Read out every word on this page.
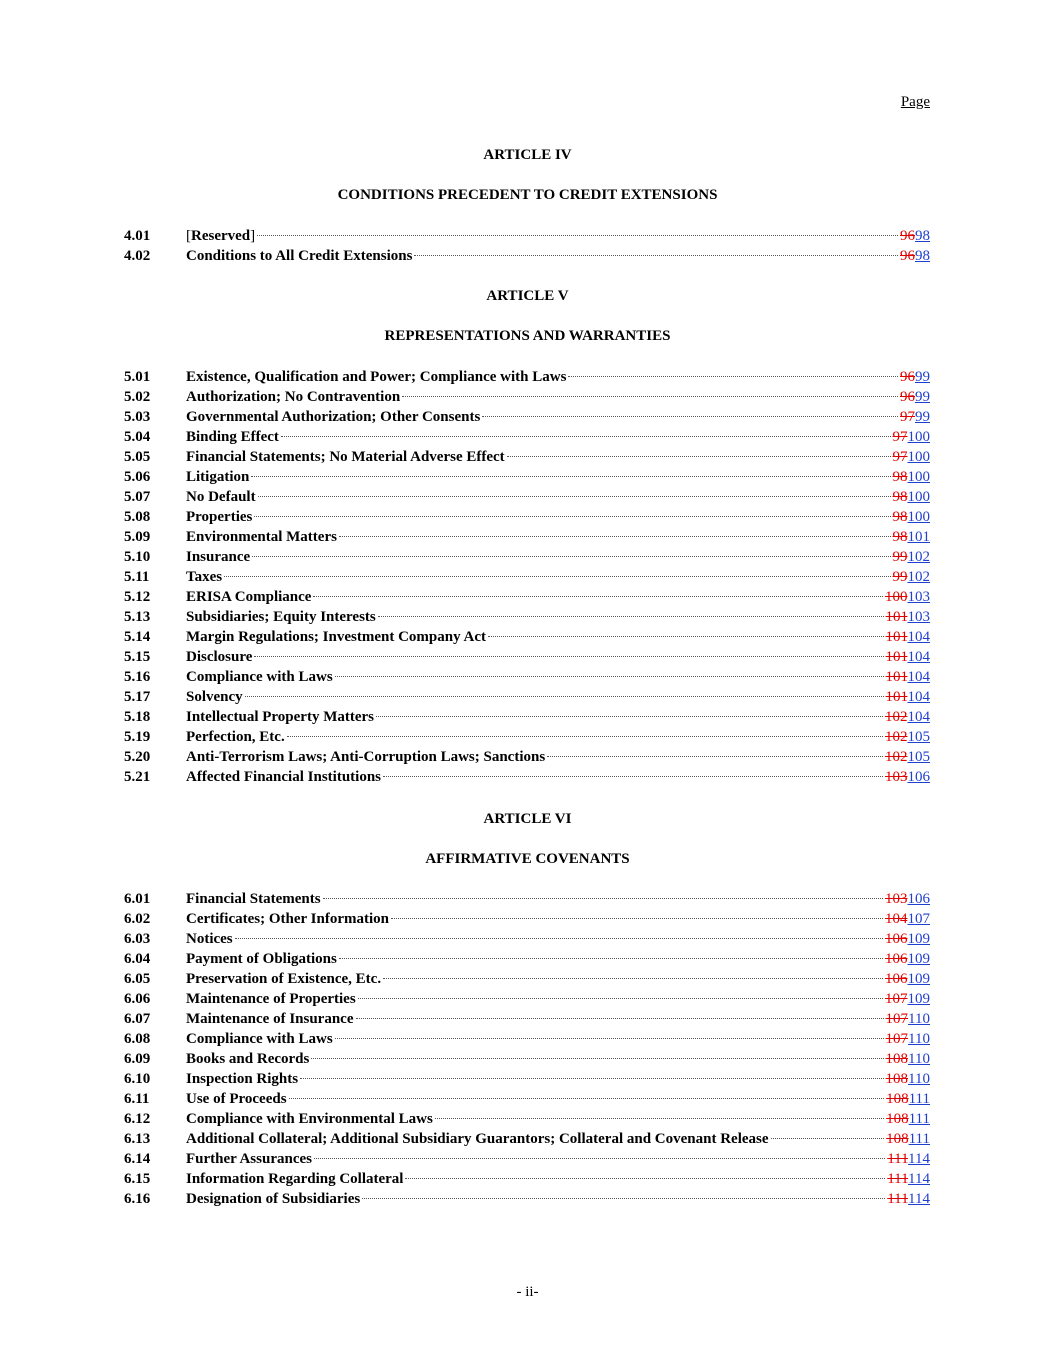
Page
ARTICLE IV
CONDITIONS PRECEDENT TO CREDIT EXTENSIONS
4.01	[Reserved]	9698
4.02	Conditions to All Credit Extensions	9698
ARTICLE V
REPRESENTATIONS AND WARRANTIES
5.01	Existence, Qualification and Power; Compliance with Laws	9699
5.02	Authorization; No Contravention	9699
5.03	Governmental Authorization; Other Consents	9799
5.04	Binding Effect	97100
5.05	Financial Statements; No Material Adverse Effect	97100
5.06	Litigation	98100
5.07	No Default	98100
5.08	Properties	98100
5.09	Environmental Matters	98101
5.10	Insurance	99102
5.11	Taxes	99102
5.12	ERISA Compliance	100103
5.13	Subsidiaries; Equity Interests	101103
5.14	Margin Regulations; Investment Company Act	101104
5.15	Disclosure	101104
5.16	Compliance with Laws	101104
5.17	Solvency	101104
5.18	Intellectual Property Matters	102104
5.19	Perfection, Etc.	102105
5.20	Anti-Terrorism Laws; Anti-Corruption Laws; Sanctions	102105
5.21	Affected Financial Institutions	103106
ARTICLE VI
AFFIRMATIVE COVENANTS
6.01	Financial Statements	103106
6.02	Certificates; Other Information	104107
6.03	Notices	106109
6.04	Payment of Obligations	106109
6.05	Preservation of Existence, Etc.	106109
6.06	Maintenance of Properties	107109
6.07	Maintenance of Insurance	107110
6.08	Compliance with Laws	107110
6.09	Books and Records	108110
6.10	Inspection Rights	108110
6.11	Use of Proceeds	108111
6.12	Compliance with Environmental Laws	108111
6.13	Additional Collateral; Additional Subsidiary Guarantors; Collateral and Covenant Release	108111
6.14	Further Assurances	111114
6.15	Information Regarding Collateral	111114
6.16	Designation of Subsidiaries	111114
- ii-
